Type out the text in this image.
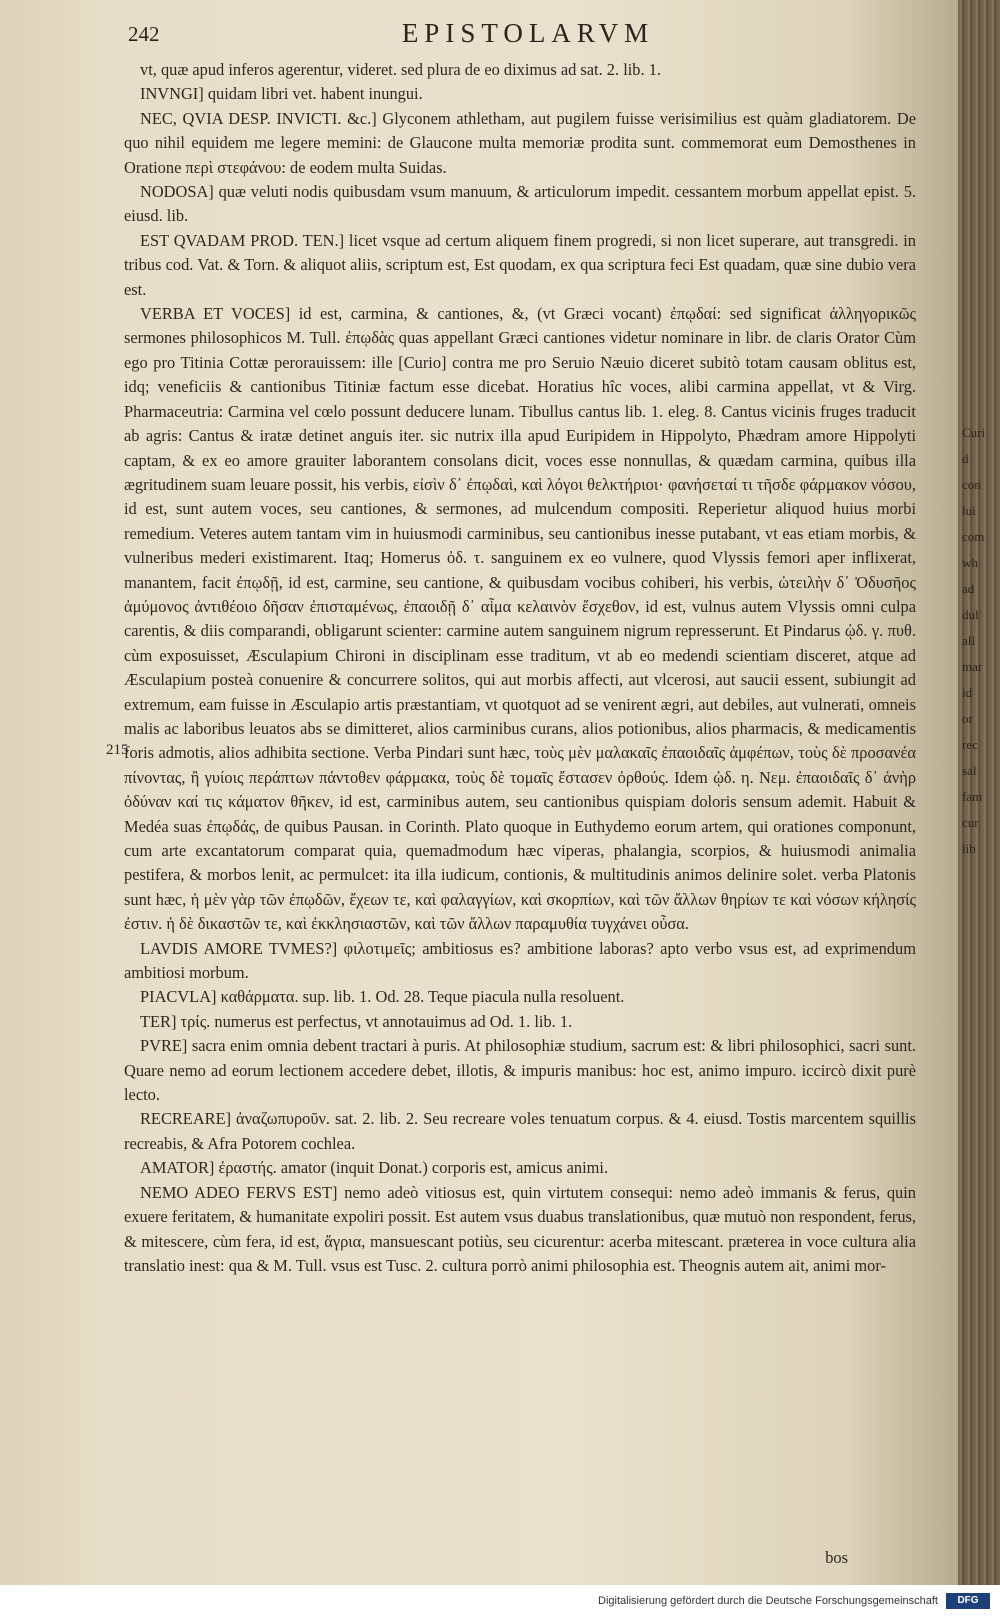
242	EPISTOLARVM
215

vt, quæ apud inferos agerentur, videret. sed plura de eo diximus ad sat. 2. lib. 1.

INVNGI] quidam libri vet. habent inungui.

NEC, QVIA DESP. INVICTI. &c.] Glyconem athletham, aut pugilem fuisse verisimilius est quàm gladiatorem. De quo nihil equidem me legere memini: de Glaucone multa memoriæ prodita sunt. commemorat eum Demosthenes in Oratione περὶ στεφάνου: de eodem multa Suidas.

NODOSA] quæ veluti nodis quibusdam vsum manuum, & articulorum impedit. cessantem morbum appellat epist. 5. eiusd. lib.

EST QVADAM PROD. TEN.] licet vsque ad certum aliquem finem progredi, si non licet superare, aut transgredi. in tribus cod. Vat. & Torn. & aliquot aliis, scriptum est, Est quodam, ex qua scriptura feci Est quadam, quæ sine dubio vera est.

VERBA ET VOCES] id est, carmina, & cantiones, &, (vt Græci vocant) ἐπῳδαί: sed significat ἀλληγορικῶς sermones philosophicos M. Tull. ἐπῳδὰς quas appellant Græci cantiones videtur nominare in libr. de claris Orator Cùm ego pro Titinia Cottæ perorauissem: ille [Curio] contra me pro Seruio Næuio diceret subitò totam causam oblitus est, idq; veneficiis & cantionibus Titiniæ factum esse dicebat. Horatius hîc voces, alibi carmina appellat, vt & Virg. Pharmaceutria: Carmina vel cœlo possunt deducere lunam. Tibullus cantus lib. 1. eleg. 8. Cantus vicinis fruges traducit ab agris: Cantus & iratæ detinet anguis iter. sic nutrix illa apud Euripidem in Hippolyto, Phædram amore Hippolyti captam, & ex eo amore grauiter laborantem consolans dicit, voces esse nonnullas, & quædam carmina, quibus illa ægritudinem suam leuare possit, his verbis, εἰσὶν δ᾽ ἐπῳδαὶ, καὶ λόγοι θελκτήριοι· φανήσεταί τι τῆσδε φάρμακον νόσου, id est, sunt autem voces, seu cantiones, & sermones, ad mulcendum compositi. Reperietur aliquod huius morbi remedium. Veteres autem tantam vim in huiusmodi carminibus, seu cantionibus inesse putabant, vt eas etiam morbis, & vulneribus mederi existimarent. Itaq; Homerus ὀδ. τ. sanguinem ex eo vulnere, quod Vlyssis femori aper inflixerat, manantem, facit ἐπῳδῇ, id est, carmine, seu cantione, & quibusdam vocibus cohiberi, his verbis, ὠτειλὴν δ᾽ Ὀδυσῆος ἀμύμονος ἀντιθέοιο δῆσαν ἐπισταμένως, ἐπαοιδῇ δ᾽ αἷμα κελαινὸν ἔσχεθον, id est, vulnus autem Vlyssis omni culpa carentis, & diis comparandi, obligarunt scienter: carmine autem sanguinem nigrum represserunt. Et Pindarus ᾠδ. γ. πυθ. cùm exposuisset, Æsculapium Chironi in disciplinam esse traditum, vt ab eo medendi scientiam disceret, atque ad Æsculapium posteà conuenire & concurrere solitos, qui aut morbis affecti, aut vlcerosi, aut saucii essent, subiungit ad extremum, eam fuisse in Æsculapio artis præstantiam, vt quotquot ad se venirent ægri, aut debiles, aut vulnerati, omneis malis ac laboribus leuatos abs se dimitteret, alios carminibus curans, alios potionibus, alios pharmacis, & medicamentis foris admotis, alios adhibita sectione. Verba Pindari sunt hæc, τοὺς μὲν μαλακαῖς ἐπαοιδαῖς ἀμφέπων, τοὺς δὲ προσανέα πίνοντας, ἢ γυίοις περάπτων πάντοθεν φάρμακα, τοὺς δὲ τομαῖς ἔστασεν ὀρθούς. Idem ᾠδ. η. Νεμ. ἐπαοιδαῖς δ᾽ ἀνὴρ ὀδύναν καί τις κάματον θῆκεν, id est, carminibus autem, seu cantionibus quispiam doloris sensum ademit. Habuit & Medéa suas ἐπῳδάς, de quibus Pausan. in Corinth. Plato quoque in Euthydemo eorum artem, qui orationes componunt, cum arte excantatorum comparat quia, quemadmodum hæc viperas, phalangia, scorpios, & huiusmodi animalia pestifera, & morbos lenit, ac permulcet: ita illa iudicum, contionis, & multitudinis animos delinire solet. verba Platonis sunt hæc, ἡ μὲν γὰρ τῶν ἐπῳδῶν, ἔχεων τε, καὶ φαλαγγίων, καὶ σκορπίων, καὶ τῶν ἄλλων θηρίων τε καὶ νόσων κήλησίς ἐστιν. ἡ δὲ δικαστῶν τε, καὶ ἐκκλησιαστῶν, καὶ τῶν ἄλλων παραμυθία τυγχάνει οὖσα.

LAVDIS AMORE TVMES?] φιλοτιμεῖς; ambitiosus es? ambitione laboras? apto verbo vsus est, ad exprimendum ambitiosi morbum.

PIACVLA] καθάρματα. sup. lib. 1. Od. 28. Teque piacula nulla resoluent.

TER] τρίς. numerus est perfectus, vt annotauimus ad Od. 1. lib. 1.

PVRE] sacra enim omnia debent tractari à puris. At philosophiæ studium, sacrum est: & libri philosophici, sacri sunt. Quare nemo ad eorum lectionem accedere debet, illotis, & impuris manibus: hoc est, animo impuro. iccircò dixit purè lecto.

RECREARE] ἀναζωπυροῦν. sat. 2. lib. 2. Seu recreare voles tenuatum corpus. & 4. eiusd. Tostis marcentem squillis recreabis, & Afra Potorem cochlea.

AMATOR] ἐραστής. amator (inquit Donat.) corporis est, amicus animi.

NEMO ADEO FERVS EST] nemo adeò vitiosus est, quin virtutem consequi: nemo adeò immanis & ferus, quin exuere feritatem, & humanitate expoliri possit. Est autem vsus duabus translationibus, quæ mutuò non respondent, ferus, & mitescere, cùm fera, id est, ἄγρια, mansuescant potiùs, seu cicurentur: acerba mitescant. præterea in voce cultura alia translatio inest: qua & M. Tull. vsus est Tusc. 2. cultura porrò animi philosophia est. Theognis autem ait, animi mor-

bos
Curi
d
con
lui
com
wh
ad
dul
all
mar
id
or
rec
sal
fam
cur
lib
Digitalisierung gefördert durch die Deutsche Forschungsgemeinschaft	DFG
